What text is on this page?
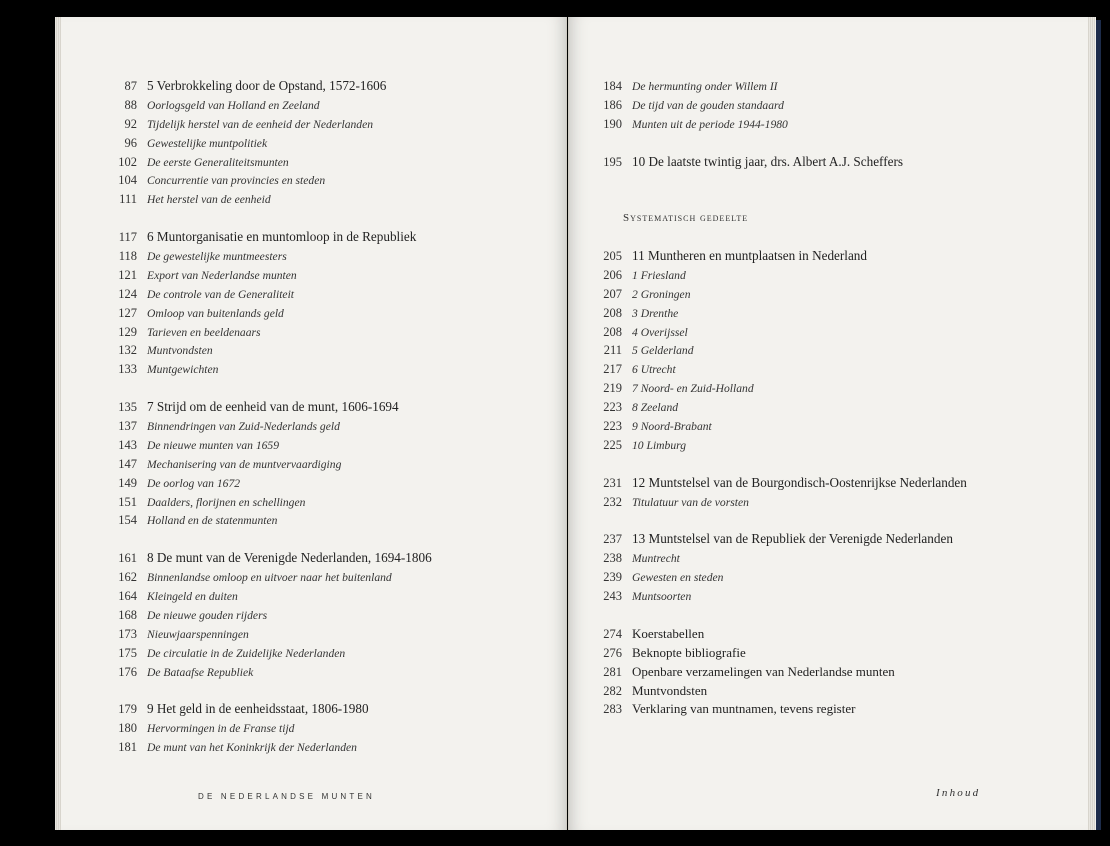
87 5 Verbrokkeling door de Opstand, 1572-1606
88 Oorlogsgeld van Holland en Zeeland
92 Tijdelijk herstel van de eenheid der Nederlanden
96 Gewestelijke muntpolitiek
102 De eerste Generaliteitsmunten
104 Concurrentie van provincies en steden
111 Het herstel van de eenheid
117 6 Muntorganisatie en muntomloop in de Republiek
118 De gewestelijke muntmeesters
121 Export van Nederlandse munten
124 De controle van de Generaliteit
127 Omloop van buitenlands geld
129 Tarieven en beeldenaars
132 Muntvondsten
133 Muntgewichten
135 7 Strijd om de eenheid van de munt, 1606-1694
137 Binnendringen van Zuid-Nederlands geld
143 De nieuwe munten van 1659
147 Mechanisering van de muntvervaardiging
149 De oorlog van 1672
151 Daalders, florijnen en schellingen
154 Holland en de statenmunten
161 8 De munt van de Verenigde Nederlanden, 1694-1806
162 Binnenlandse omloop en uitvoer naar het buitenland
164 Kleingeld en duiten
168 De nieuwe gouden rijders
173 Nieuwjaarspenningen
175 De circulatie in de Zuidelijke Nederlanden
176 De Bataafse Republiek
179 9 Het geld in de eenheidsstaat, 1806-1980
180 Hervormingen in de Franse tijd
181 De munt van het Koninkrijk der Nederlanden
184 De hermunting onder Willem II
186 De tijd van de gouden standaard
190 Munten uit de periode 1944-1980
195 10 De laatste twintig jaar, drs. Albert A.J. Scheffers
Systematisch gedeelte
205 11 Muntheren en muntplaatsen in Nederland
206 1 Friesland
207 2 Groningen
208 3 Drenthe
208 4 Overijssel
211 5 Gelderland
217 6 Utrecht
219 7 Noord- en Zuid-Holland
223 8 Zeeland
223 9 Noord-Brabant
225 10 Limburg
231 12 Muntstelsel van de Bourgondisch-Oostenrijkse Nederlanden
232 Titulatuur van de vorsten
237 13 Muntstelsel van de Republiek der Verenigde Nederlanden
238 Muntrecht
239 Gewesten en steden
243 Muntsoorten
274 Koerstabellen
276 Beknopte bibliografie
281 Openbare verzamelingen van Nederlandse munten
282 Muntvondsten
283 Verklaring van muntnamen, tevens register
DE NEDERLANDSE MUNTEN	Inhoud
